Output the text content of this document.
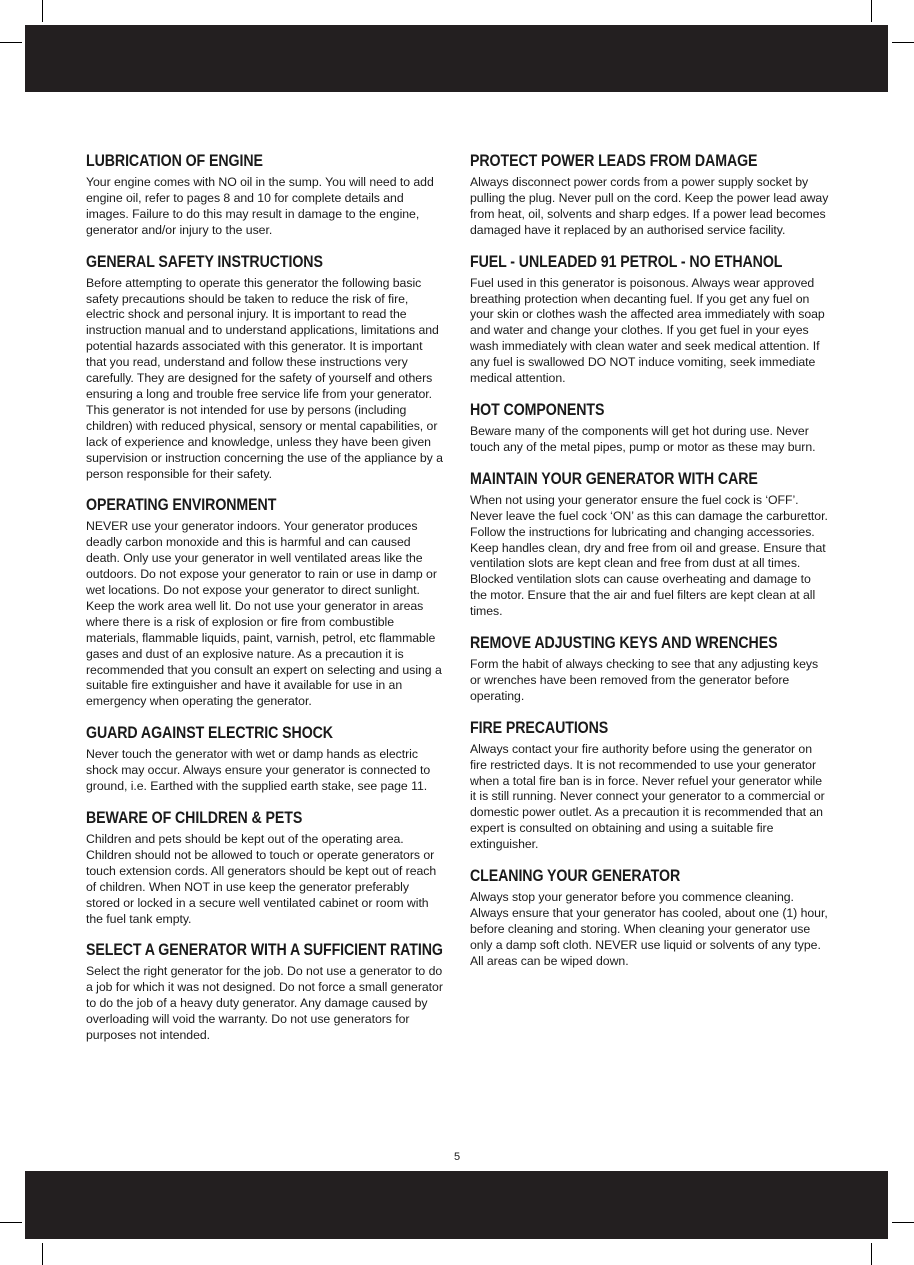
LUBRICATION OF ENGINE

Your engine comes with NO oil in the sump. You will need to add engine oil, refer to pages 8 and 10 for complete details and images. Failure to do this may result in damage to the engine, generator and/or injury to the user.

GENERAL SAFETY INSTRUCTIONS

Before attempting to operate this generator the following basic safety precautions should be taken to reduce the risk of fire, electric shock and personal injury. It is important to read the instruction manual and to understand applications, limitations and potential hazards associated with this generator. It is important that you read, understand and follow these instructions very carefully. They are designed for the safety of yourself and others ensuring a long and trouble free service life from your generator. This generator is not intended for use by persons (including children) with reduced physical, sensory or mental capabilities, or lack of experience and knowledge, unless they have been given supervision or instruction concerning the use of the appliance by a person responsible for their safety.

OPERATING ENVIRONMENT

NEVER use your generator indoors. Your generator produces deadly carbon monoxide and this is harmful and can caused death. Only use your generator in well ventilated areas like the outdoors. Do not expose your generator to rain or use in damp or wet locations. Do not expose your generator to direct sunlight. Keep the work area well lit. Do not use your generator in areas where there is a risk of explosion or fire from combustible materials, flammable liquids, paint, varnish, petrol, etc flammable gases and dust of an explosive nature. As a precaution it is recommended that you consult an expert on selecting and using a suitable fire extinguisher and have it available for use in an emergency when operating the generator.

GUARD AGAINST ELECTRIC SHOCK

Never touch the generator with wet or damp hands as electric shock may occur. Always ensure your generator is connected to ground, i.e. Earthed with the supplied earth stake, see page 11.

BEWARE OF CHILDREN & PETS

Children and pets should be kept out of the operating area. Children should not be allowed to touch or operate generators or touch extension cords. All generators should be kept out of reach of children. When NOT in use keep the generator preferably stored or locked in a secure well ventilated cabinet or room with the fuel tank empty.

SELECT A GENERATOR WITH A SUFFICIENT RATING

Select the right generator for the job. Do not use a generator to do a job for which it was not designed. Do not force a small generator to do the job of a heavy duty generator. Any damage caused by overloading will void the warranty. Do not use generators for purposes not intended.

PROTECT POWER LEADS FROM DAMAGE

Always disconnect power cords from a power supply socket by pulling the plug. Never pull on the cord. Keep the power lead away from heat, oil, solvents and sharp edges. If a power lead becomes damaged have it replaced by an authorised service facility.

FUEL - UNLEADED 91 PETROL - NO ETHANOL

Fuel used in this generator is poisonous. Always wear approved breathing protection when decanting fuel. If you get any fuel on your skin or clothes wash the affected area immediately with soap and water and change your clothes. If you get fuel in your eyes wash immediately with clean water and seek medical attention. If any fuel is swallowed DO NOT induce vomiting, seek immediate medical attention.

HOT COMPONENTS

Beware many of the components will get hot during use. Never touch any of the metal pipes, pump or motor as these may burn.

MAINTAIN YOUR GENERATOR WITH CARE

When not using your generator ensure the fuel cock is ‘OFF’. Never leave the fuel cock ‘ON’ as this can damage the carburettor. Follow the instructions for lubricating and changing accessories. Keep handles clean, dry and free from oil and grease. Ensure that ventilation slots are kept clean and free from dust at all times. Blocked ventilation slots can cause overheating and damage to the motor. Ensure that the air and fuel filters are kept clean at all times.

REMOVE ADJUSTING KEYS AND WRENCHES

Form the habit of always checking to see that any adjusting keys or wrenches have been removed from the generator before operating.

FIRE PRECAUTIONS

Always contact your fire authority before using the generator on fire restricted days. It is not recommended to use your generator when a total fire ban is in force. Never refuel your generator while it is still running. Never connect your generator to a commercial or domestic power outlet. As a precaution it is recommended that an expert is consulted on obtaining and using a suitable fire extinguisher.

CLEANING YOUR GENERATOR

Always stop your generator before you commence cleaning. Always ensure that your generator has cooled, about one (1) hour, before cleaning and storing. When cleaning your generator use only a damp soft cloth. NEVER use liquid or solvents of any type. All areas can be wiped down.

5
